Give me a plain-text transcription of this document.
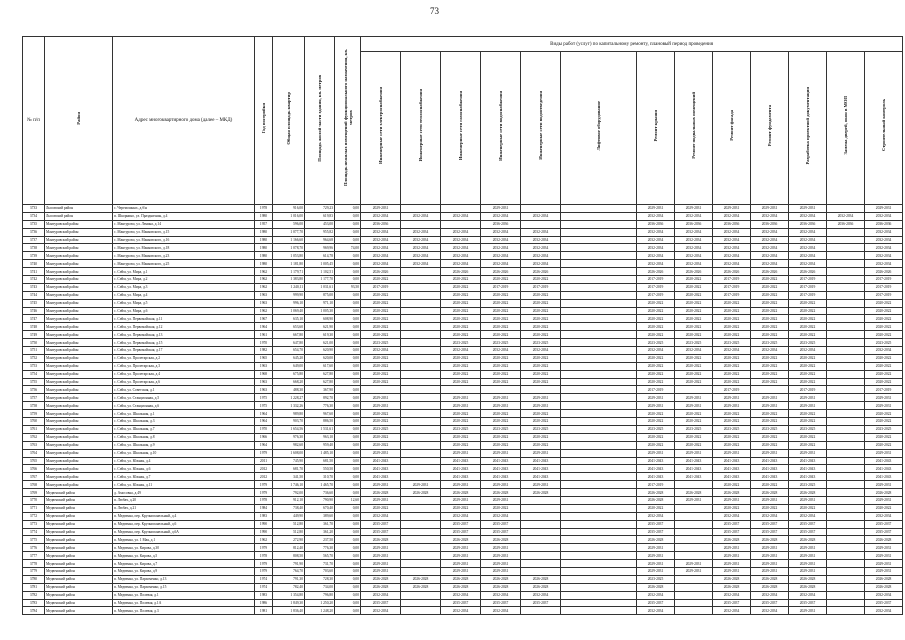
73
№ п/п	Район	Адрес многоквартирного дома (далее – МКД)	Год постройки	Общая площадь квартир	Площадь жилой части здания, кв. метров	Площадь нежилых помещений функционального назначения, кв. метров	Виды работ (услуг) по капитальному ремонту, плановый период проведения												
							Инженерные сети электроснабжения	Инженерные сети теплоснабжения	Инженерные сети газоснабжения	Инженерные сети водоснабжения	Инженерные сети водоотведения	Лифтовое оборудование	Ремонт крыши	Ремонт подвальных помещений	Ремонт фасада	Ремонт фундамента	Разработка проектной документации	Замена дверей, окон в МОП	Строительный контроль
3733	Лысовский район	с. Черемошных, д.б/н	1978	916,00	729,23	0,00	2029-2031			2029-2031			2029-2031	2029-2031	2029-2031	2029-2031	2029-2031		2029-2031
3734	Лысовский район	п. Шкорнино, ул. Праздничная, д.4	1980	1 016,00	619,83	0,00	2032-2034	2032-2034	2032-2034	2032-2034	2032-2034		2032-2034	2032-2034	2032-2034	2032-2034	2032-2034	2032-2034	2032-2034
3735	Мантуровский район	с. Мантурово, ул. Ленина, д.14	1957	596,00	453,00	0,00	2036-2036			2036-2036			2036-2036	2036-2036	2036-2036	2036-2036	2036-2036	2036-2036	2036-2036
3736	Мантуровский район	с. Мантурово, ул. Маяковского, д.15	1980	1 077,70	955,82	0,00	2032-2034	2032-2034	2032-2034	2032-2034	2032-2034		2032-2034	2032-2034	2032-2034	2032-2034	2032-2034		2032-2034
3737	Мантуровский район	с. Мантурово, ул. Маяковского, д.16	1980	1 166,60	964,68	0,00	2032-2034	2032-2034	2032-2034	2032-2034	2032-2034		2032-2034	2032-2034	2032-2034	2032-2034	2032-2034		2032-2034
3738	Мантуровский район	с. Мантурово, ул. Маяковского, д.18	1980	1 078,70	969,96	74,00	2032-2034	2032-2034	2032-2034	2032-2034	2032-2034		2032-2034	2032-2034	2032-2034	2032-2034	2032-2034		2032-2034
3739	Мантуровский район	с. Мантурово, ул. Маяковского, д.23	1980	1 053,80	614,78	0,00	2032-2034	2032-2034	2032-2034	2032-2034	2032-2034		2032-2034	2032-2034	2032-2034	2032-2034	2032-2034		2032-2034
3740	Мантуровский район	с. Мантурово, ул. Маяковского, д.25	1980	1 181,80	1 005,45	0,00	2032-2034	2032-2034	2032-2034	2032-2034	2032-2034		2032-2034	2032-2034	2032-2034	2032-2034	2032-2034		2032-2034
3741	Мантуровский район	с. Сейм, ул. Мира, д.1	1962	1 179,71	1 102,51	0,00	2026-2026		2026-2026	2026-2026	2026-2026		2026-2026	2026-2026	2026-2026	2026-2026	2026-2026		2026-2026
3742	Мантуровский район	с. Сейм, ул. Мира, д.2	1962	1 383,80	1 177,70	0,00	2020-2022		2020-2022	2020-2022	2020-2022		2017-2019	2020-2022	2017-2019	2020-2022	2017-2019		2017-2019
3743	Мантуровский район	с. Сейм, ул. Мира, д.3	1962	1 240,11	1 031,61	93,50	2017-2019		2020-2022	2017-2019	2017-2019		2017-2019	2020-2022	2017-2019	2020-2022	2017-2019		2017-2019
3744	Мантуровский район	с. Сейм, ул. Мира, д.4	1963	999,90	875,00	0,00	2020-2022		2020-2022	2020-2022	2020-2022		2017-2019	2020-2022	2017-2019	2020-2022	2017-2019		2017-2019
3745	Мантуровский район	с. Сейм, ул. Мира, д.5	1963	996,10	971,10	0,00	2020-2022		2020-2022	2020-2022	2020-2022		2020-2022	2020-2022	2020-2022	2020-2022	2020-2022		2020-2022
3746	Мантуровский район	с. Сейм, ул. Мира, д.6	1962	1 069,40	1 005,30	0,00	2020-2022		2020-2022	2020-2022	2020-2022		2020-2022	2020-2022	2020-2022	2020-2022	2020-2022		2020-2022
3747	Мантуровский район	с. Сейм, ул. Первомайская, д.11	1967	635,10	608,90	0,00	2020-2022		2020-2022	2020-2022	2020-2022		2020-2022	2020-2022	2020-2022	2020-2022	2020-2022		2020-2022
3748	Мантуровский район	с. Сейм, ул. Первомайская, д.12	1964	653,60	621,90	0,00	2020-2022		2020-2022	2020-2022	2020-2022		2020-2022	2020-2022	2020-2022	2020-2022	2020-2022		2020-2022
3749	Мантуровский район	с. Сейм, ул. Первомайская, д.13	1961	667,80	619,30	0,00	2020-2022		2020-2022	2020-2022	2020-2022		2020-2022	2020-2022	2020-2022	2020-2022	2020-2022		2020-2022
3750	Мантуровский район	с. Сейм, ул. Первомайская, д.15	1970	647,80	621,00	0,00	2023-2025		2023-2025	2023-2025	2023-2025		2023-2025	2023-2025	2023-2025	2023-2025	2023-2025		2023-2025
3751	Мантуровский район	с. Сейм, ул. Первомайская, д.17	1982	654,70	620,90	0,00	2032-2034		2032-2034	2032-2034	2032-2034		2032-2034	2032-2034	2032-2034	2032-2034	2032-2034		2032-2034
3752	Мантуровский район	с. Сейм, ул. Пролетарская, д.2	1965	645,20	620,00	0,00	2020-2022		2020-2022	2020-2022	2020-2022		2020-2022	2020-2022	2020-2022	2020-2022	2020-2022		2020-2022
3753	Мантуровский район	с. Сейм, ул. Пролетарская, д.3	1963	649,00	617,60	0,00	2020-2022		2020-2022	2020-2022	2020-2022		2020-2022	2020-2022	2020-2022	2020-2022	2020-2022		2020-2022
3754	Мантуровский район	с. Сейм, ул. Пролетарская, д.4	1968	675,80	627,80	0,00	2020-2022		2020-2022	2020-2022	2020-2022		2020-2022	2020-2022	2020-2022	2020-2022	2020-2022		2020-2022
3755	Мантуровский район	с. Сейм, ул. Пролетарская, д.6	1963	668,20	627,80	0,00	2020-2022		2020-2022	2020-2022	2020-2022		2020-2022	2020-2022	2020-2022	2020-2022	2020-2022		2020-2022
3756	Мантуровский район	с. Сейм, ул. Советская, д.1	1963	488,30	367,90	0,00							2017-2019		2017-2019		2017-2019		2017-2019
3757	Мантуровский район	с. Сейм, ул. Станционная, д.5	1975	1 228,27	892,70	0,00	2029-2031		2029-2031	2029-2031	2029-2031		2029-2031	2029-2031	2029-2031	2029-2031	2029-2031		2029-2031
3758	Мантуровский район	с. Сейм, ул. Станционная, д.6	1975	1 332,26	776,30	0,00	2029-2031		2029-2031	2029-2031	2029-2031		2029-2031	2029-2031	2029-2031	2029-2031	2029-2031		2029-2031
3759	Мантуровский район	с. Сейм, ул. Школьная, д.1	1964	989,80	967,60	0,00	2020-2022		2020-2022	2020-2022	2020-2022		2020-2022	2020-2022	2020-2022	2020-2022	2020-2022		2020-2022
3760	Мантуровский район	с. Сейм, ул. Школьная, д.3	1964	903,70	886,50	0,00	2020-2022		2020-2022	2020-2022	2020-2022		2020-2022	2020-2022	2020-2022	2020-2022	2020-2022		2020-2022
3761	Мантуровский район	с. Сейм, ул. Школьная, д.7	1970	1 654,56	1 531,61	0,00	2023-2025		2023-2025	2023-2025	2023-2025		2023-2025	2023-2025	2023-2025	2023-2025	2023-2025		2023-2025
3762	Мантуровский район	с. Сейм, ул. Школьная, д.8	1966	976,30	963,10	0,00	2020-2022		2020-2022	2020-2022	2020-2022		2020-2022	2020-2022	2020-2022	2020-2022	2020-2022		2020-2022
3763	Мантуровский район	с. Сейм, ул. Школьная, д.9	1964	982,60	959,40	0,00	2020-2022		2020-2022	2020-2022	2020-2022		2020-2022	2020-2022	2020-2022	2020-2022	2020-2022		2020-2022
3764	Мантуровский район	с. Сейм, ул. Школьная, д.10	1979	1 608,00	1 485,10	0,00	2029-2031		2029-2031	2029-2031	2029-2031		2029-2031	2029-2031	2029-2031	2029-2031	2029-2031		2029-2031
3765	Мантуровский район	с. Сейм, ул. Южная, д.4	2011	745,90	681,50	0,00	2041-2043		2041-2043	2041-2043	2041-2043		2041-2043	2041-2043	2041-2043	2041-2043	2041-2043		2041-2043
3766	Мантуровский район	с. Сейм, ул. Южная, д.6	2012	681,70	550,50	0,00	2041-2043		2041-2043	2041-2043	2041-2043		2041-2043	2041-2043	2041-2043	2041-2043	2041-2043		2041-2043
3767	Мантуровский район	с. Сейм, ул. Южная, д.7	2012	341,50	310,70	0,00	2041-2043		2041-2043	2041-2043	2041-2043		2041-2043	2041-2043	2041-2043	2041-2043	2041-2043		2041-2043
3768	Мантуровский район	с. Сейм, ул. Южная, д.11	1979	1 746,10	1 465,70	0,00	2029-2031	2029-2031	2029-2031	2029-2031	2029-2031		2017-2019		2020-2022	2020-2022	2023-2025		2029-2031
3769	Медвенский район	д. Амосовка, д.49	1979	792,00	736,60	0,00	2026-2028	2026-2028	2026-2028	2026-2028	2026-2028		2026-2028	2026-2028	2026-2028	2026-2028	2026-2028		2026-2028
3770	Медвенский район	п. Любач, д.20	1978	912,10	790,90	12,60	2029-2031		2029-2031	2029-2031			2026-2028	2029-2031	2029-2031	2029-2031	2029-2031		2029-2031
3771	Медвенский район	п. Любач, д.21	1984	738,40	670,40	0,00	2020-2022		2020-2022	2020-2022			2020-2022		2020-2022	2020-2022	2020-2022		2020-2022
3772	Медвенский район	п. Медвенка, пер. Крупнопанельный, д.4	1983	449,90	389,60	0,00	2032-2034		2032-2034	2032-2034			2032-2034		2032-2034	2032-2034	2032-2034		2032-2034
3773	Медвенский район	п. Медвенка, пер. Крупнопанельный, д.6	1990	512,80	361,70	0,00	2035-2037		2035-2037	2035-2037			2035-2037		2035-2037	2035-2037	2035-2037		2035-2037
3774	Медвенский район	п. Медвенка, пер. Крупнопанельный, д.6А	1990	512,80	361,20	0,00	2035-2037		2035-2037	2035-2037			2035-2037		2035-2037	2035-2037	2035-2037		2035-2037
3775	Медвенский район	п. Медвенка, ул. 1 Мая, д.1	1962	272,90	237,50	0,00	2026-2028		2026-2028	2026-2028			2026-2028		2026-2028	2026-2028	2026-2028		2026-2028
3776	Медвенский район	п. Медвенка, ул. Кирова, д.30	1979	812,40	776,30	0,00	2029-2031		2029-2031	2029-2031			2029-2031		2029-2031	2029-2031	2029-2031		2029-2031
3777	Медвенский район	п. Медвенка, ул. Кирова, д.5	1978	808,50	565,70	0,00	2029-2031		2029-2031	2029-2031			2029-2031		2029-2031	2029-2031	2029-2031		2029-2031
3778	Медвенский район	п. Медвенка, ул. Кирова, д.7	1979	791,90	731,70	0,00	2029-2031		2029-2031	2029-2031			2029-2031	2029-2031	2029-2031	2029-2031	2029-2031		2029-2031
3779	Медвенский район	п. Медвенка, ул. Кирова, д.9	1979	764,70	703,60	0,00	2029-2031		2029-2031	2029-2031			2029-2031	2029-2031	2029-2031	2029-2031	2029-2031		2029-2031
3780	Медвенский район	п. Медвенка, ул. Пархоменко, д.13	1974	791,30	728,30	0,00	2026-2028	2026-2028	2026-2028	2026-2028	2026-2028		2023-2025		2026-2028	2026-2028	2026-2028		2026-2028
3781	Медвенский район	п. Медвенка, ул. Пархоменко, д.15	1974	782,40	734,00	0,00	2026-2028	2026-2028	2026-2028	2026-2028	2026-2028		2026-2028		2026-2028	2026-2028	2026-2028		2026-2028
3782	Медвенский район	п. Медвенка, ул. Полевая, д.1	1983	1 354,80	796,80	0,00	2032-2034		2032-2034	2032-2034	2032-2034		2032-2034		2032-2034	2032-2034	2032-2034		2032-2034
3783	Медвенский район	п. Медвенка, ул. Полевая, д.1А	1986	1 849,30	1 250,20	0,00	2035-2037		2035-2037	2035-2037	2035-2037		2035-2037		2035-2037	2035-2037	2035-2037		2035-2037
3784	Медвенский район	п. Медвенка, ул. Полевая, д.3	1981	1 836,40	1 248,20	0,00	2032-2034		2032-2034	2032-2034			2032-2034		2032-2034	2032-2034	2029-2031		2032-2034
